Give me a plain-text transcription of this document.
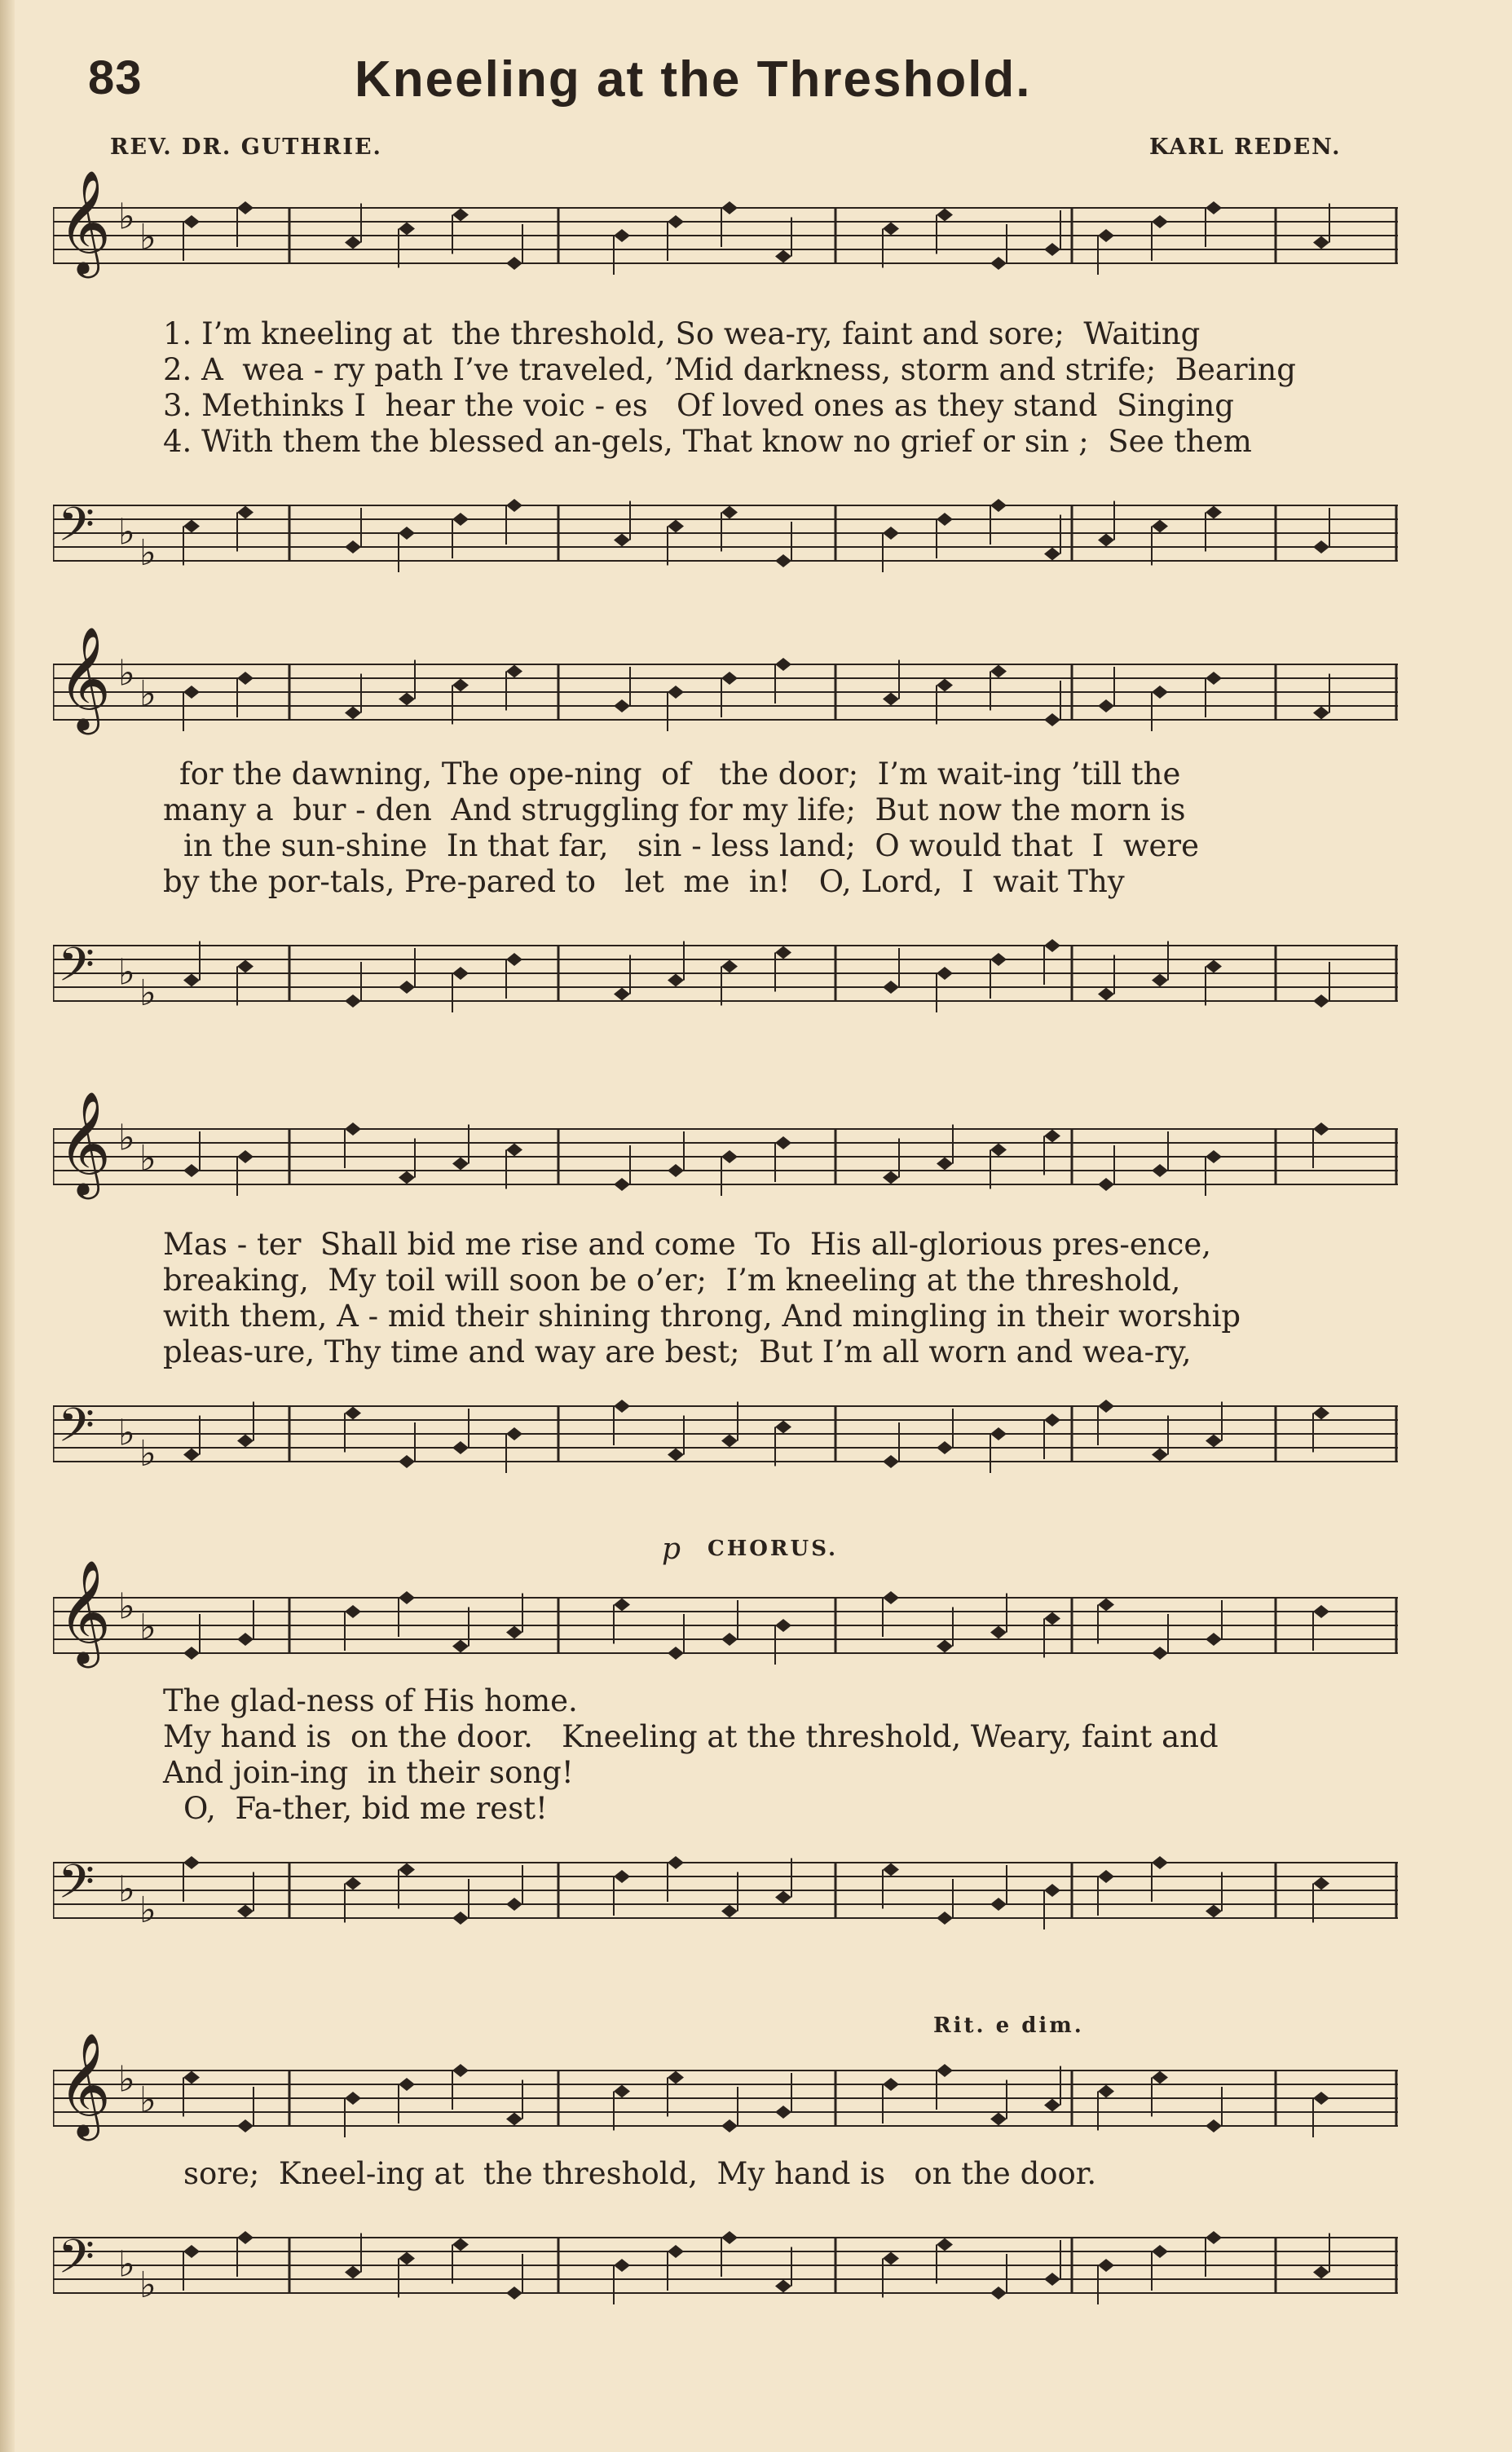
83	Kneeling at the Threshold.
REV. DR. GUTHRIE.	KARL REDEN.
𝄞 ♭ ♭
1. I’m kneeling at  the threshold, So wea-ry, faint and sore;  Waiting
2. A  wea - ry path I’ve traveled, ’Mid darkness, storm and strife;  Bearing
3. Methinks I  hear the voic - es   Of loved ones as they stand  Singing
4. With them the blessed an-gels, That know no grief or sin ;  See them
𝄢 ♭ ♭
𝄞 ♭ ♭
for the dawning, The ope-ning  of   the door;  I’m wait-ing ’till the
many a  bur - den  And struggling for my life;  But now the morn is
in the sun-shine  In that far,   sin - less land;  O would that  I  were
by the por-tals, Pre-pared to   let  me  in!   O, Lord,  I  wait Thy
𝄢 ♭ ♭
𝄞 ♭ ♭
Mas - ter  Shall bid me rise and come  To  His all-glorious pres-ence,
breaking,  My toil will soon be o’er;  I’m kneeling at the threshold,
with them, A - mid their shining throng, And mingling in their worship
pleas-ure, Thy time and way are best;  But I’m all worn and wea-ry,
𝄢 ♭ ♭
p CHORUS.
𝄞 ♭ ♭
The glad-ness of His home.
My hand is  on the door.   Kneeling at the threshold, Weary, faint and
And join-ing  in their song!
O,  Fa-ther, bid me rest!
𝄢 ♭ ♭
Rit. e dim.
𝄞 ♭ ♭
sore;  Kneel-ing at  the threshold,  My hand is   on the door.
𝄢 ♭ ♭
